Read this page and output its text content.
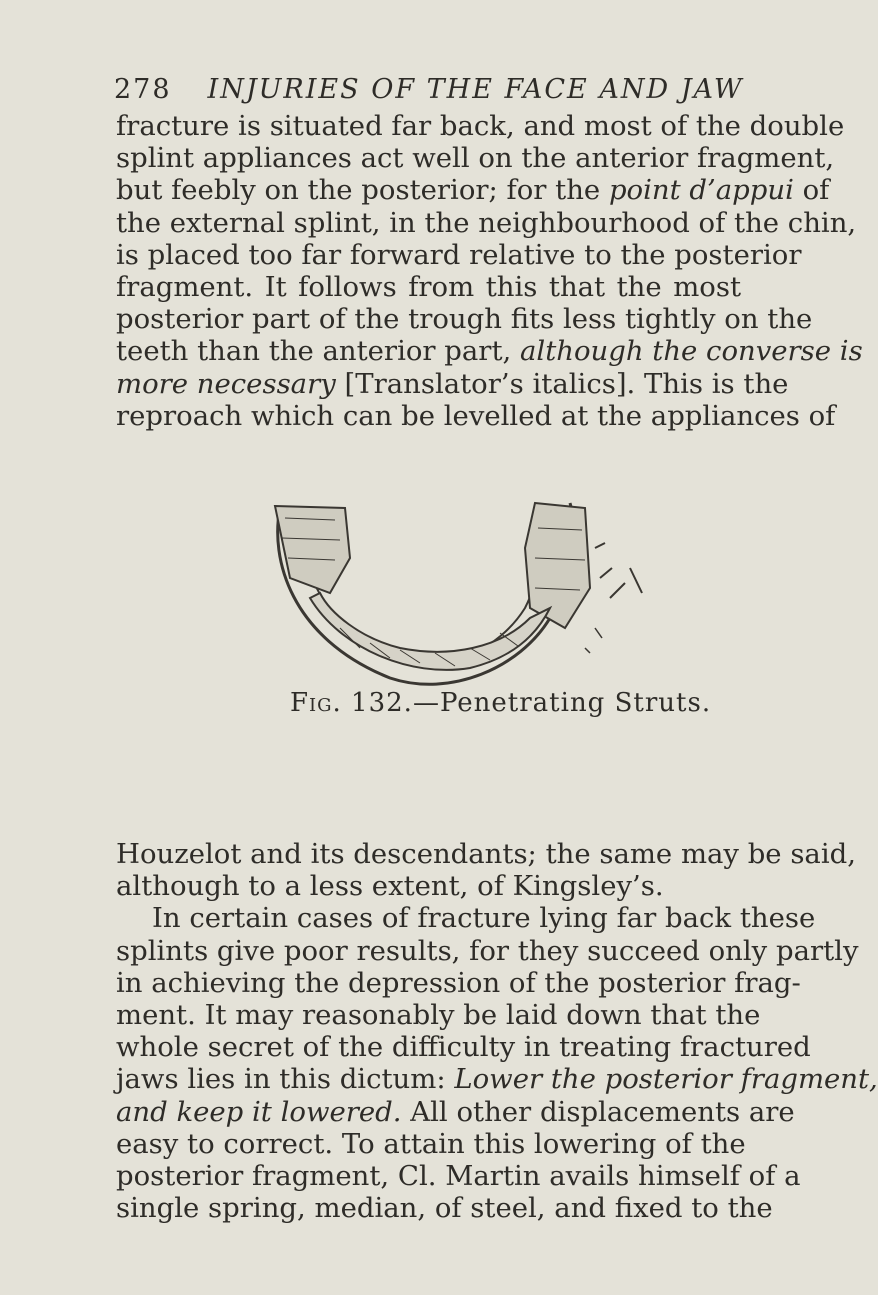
278 INJURIES OF THE FACE AND JAW
fracture is situated far back, and most of the double
splint appliances act well on the anterior fragment,
but feebly on the posterior; for the point d’appui of
the external splint, in the neighbourhood of the chin,
is placed too far forward relative to the posterior
fragment. It follows from this that the most
posterior part of the trough fits less tightly on the
teeth than the anterior part, although the converse is
more necessary [Translator’s italics]. This is the
reproach which can be levelled at the appliances of
Fig. 132.—Penetrating Struts.
Houzelot and its descendants; the same may be said,
although to a less extent, of Kingsley’s.
In certain cases of fracture lying far back these
splints give poor results, for they succeed only partly
in achieving the depression of the posterior frag-
ment. It may reasonably be laid down that the
whole secret of the difficulty in treating fractured
jaws lies in this dictum: Lower the posterior fragment,
and keep it lowered. All other displacements are
easy to correct. To attain this lowering of the
posterior fragment, Cl. Martin avails himself of a
single spring, median, of steel, and fixed to the
